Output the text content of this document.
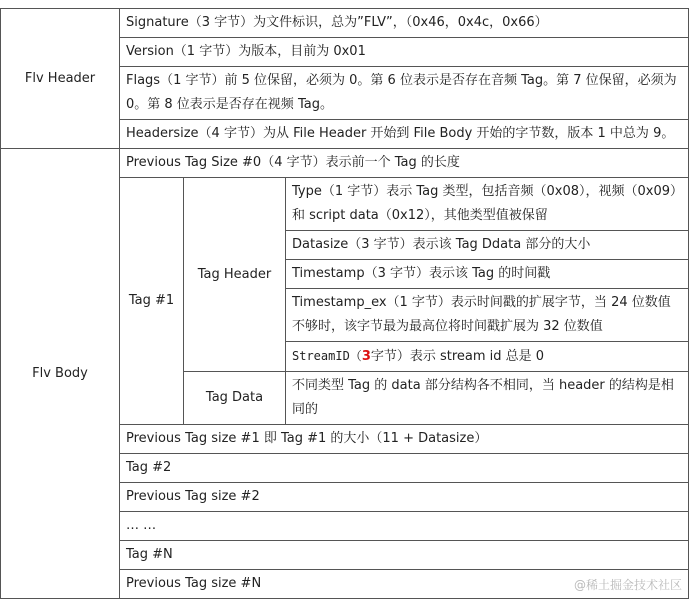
Flv Header	Signature（3 字节）为文件标识，总为”FLV”，（0x46，0x4c，0x66）		
	Version（1 字节）为版本，目前为 0x01		
	Flags（1 字节）前 5 位保留，必须为 0。第 6 位表示是否存在音频 Tag。第 7 位保留，必须为 0。第 8 位表示是否存在视频 Tag。		
	Headersize（4 字节）为从 File Header 开始到 File Body 开始的字节数，版本 1 中总为 9。		
Flv Body	Previous Tag Size #0（4 字节）表示前一个 Tag 的长度		
	Tag #1	Tag Header	Type（1 字节）表示 Tag 类型，包括音频（0x08），视频（0x09）和 script data（0x12），其他类型值被保留
			Datasize（3 字节）表示该 Tag Ddata 部分的大小
			Timestamp（3 字节）表示该 Tag 的时间戳
			Timestamp_ex（1 字节）表示时间戳的扩展字节，当 24 位数值不够时，该字节最为最高位将时间戳扩展为 32 位数值
			StreamID（3字节）表示 stream id 总是 0
		Tag Data	不同类型 Tag 的 data 部分结构各不相同，当 header 的结构是相同的
	Previous Tag size #1 即 Tag #1 的大小（11 + Datasize）		
	Tag #2		
	Previous Tag size #2		
	… …		
	Tag #N		
	Previous Tag size #N			@稀土掘金技术社区
